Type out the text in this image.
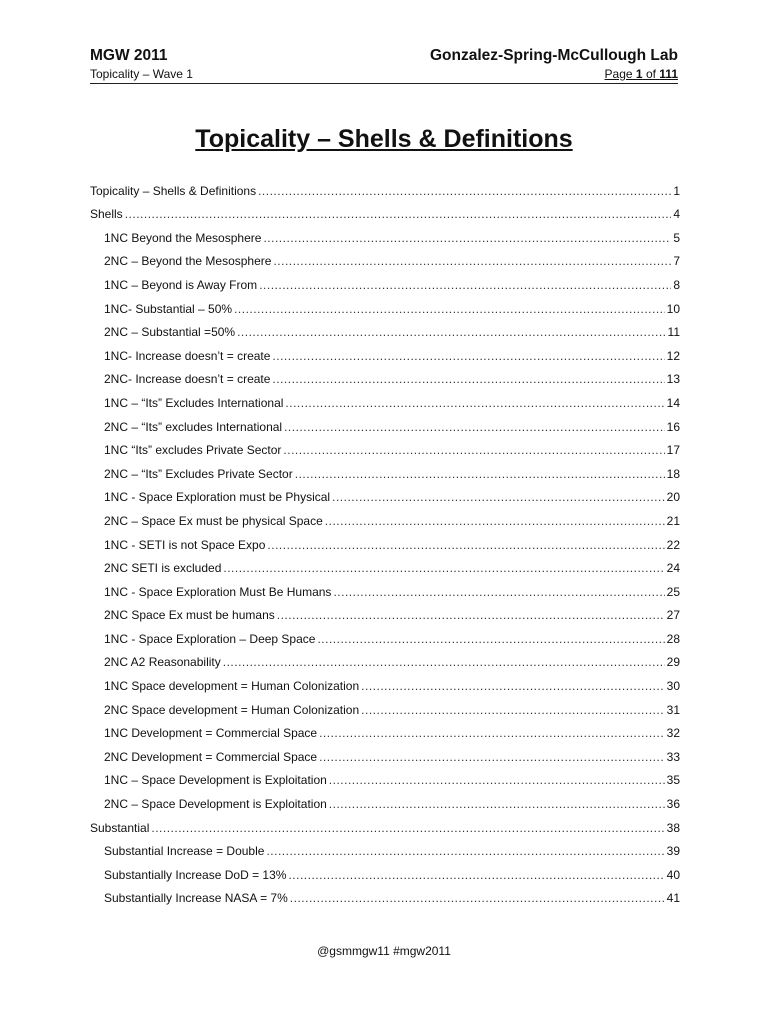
MGW 2011	Gonzalez-Spring-McCullough Lab
Topicality – Wave 1	Page 1 of 111
Topicality – Shells & Definitions
Topicality – Shells & Definitions .....	1
Shells .....	4
1NC Beyond the Mesosphere .....	5
2NC – Beyond the Mesosphere .....	7
1NC – Beyond is Away From .....	8
1NC- Substantial – 50% .....	10
2NC – Substantial =50% .....	11
1NC- Increase doesn’t = create .....	12
2NC- Increase doesn’t = create .....	13
1NC – “Its” Excludes International .....	14
2NC – “Its” excludes International .....	16
1NC “Its” excludes Private Sector .....	17
2NC – “Its” Excludes Private Sector .....	18
1NC - Space Exploration must be Physical .....	20
2NC – Space Ex must be physical Space .....	21
1NC - SETI is not Space Expo .....	22
2NC SETI is excluded .....	24
1NC - Space Exploration Must Be Humans .....	25
2NC Space Ex must be humans .....	27
1NC - Space Exploration – Deep Space .....	28
2NC A2 Reasonability .....	29
1NC Space development = Human Colonization .....	30
2NC Space development = Human Colonization .....	31
1NC Development = Commercial Space .....	32
2NC Development = Commercial Space .....	33
1NC – Space Development is Exploitation .....	35
2NC – Space Development is Exploitation .....	36
Substantial .....	38
Substantial Increase = Double .....	39
Substantially Increase DoD = 13% .....	40
Substantially Increase NASA = 7% .....	41
@gsmmgw11 #mgw2011
